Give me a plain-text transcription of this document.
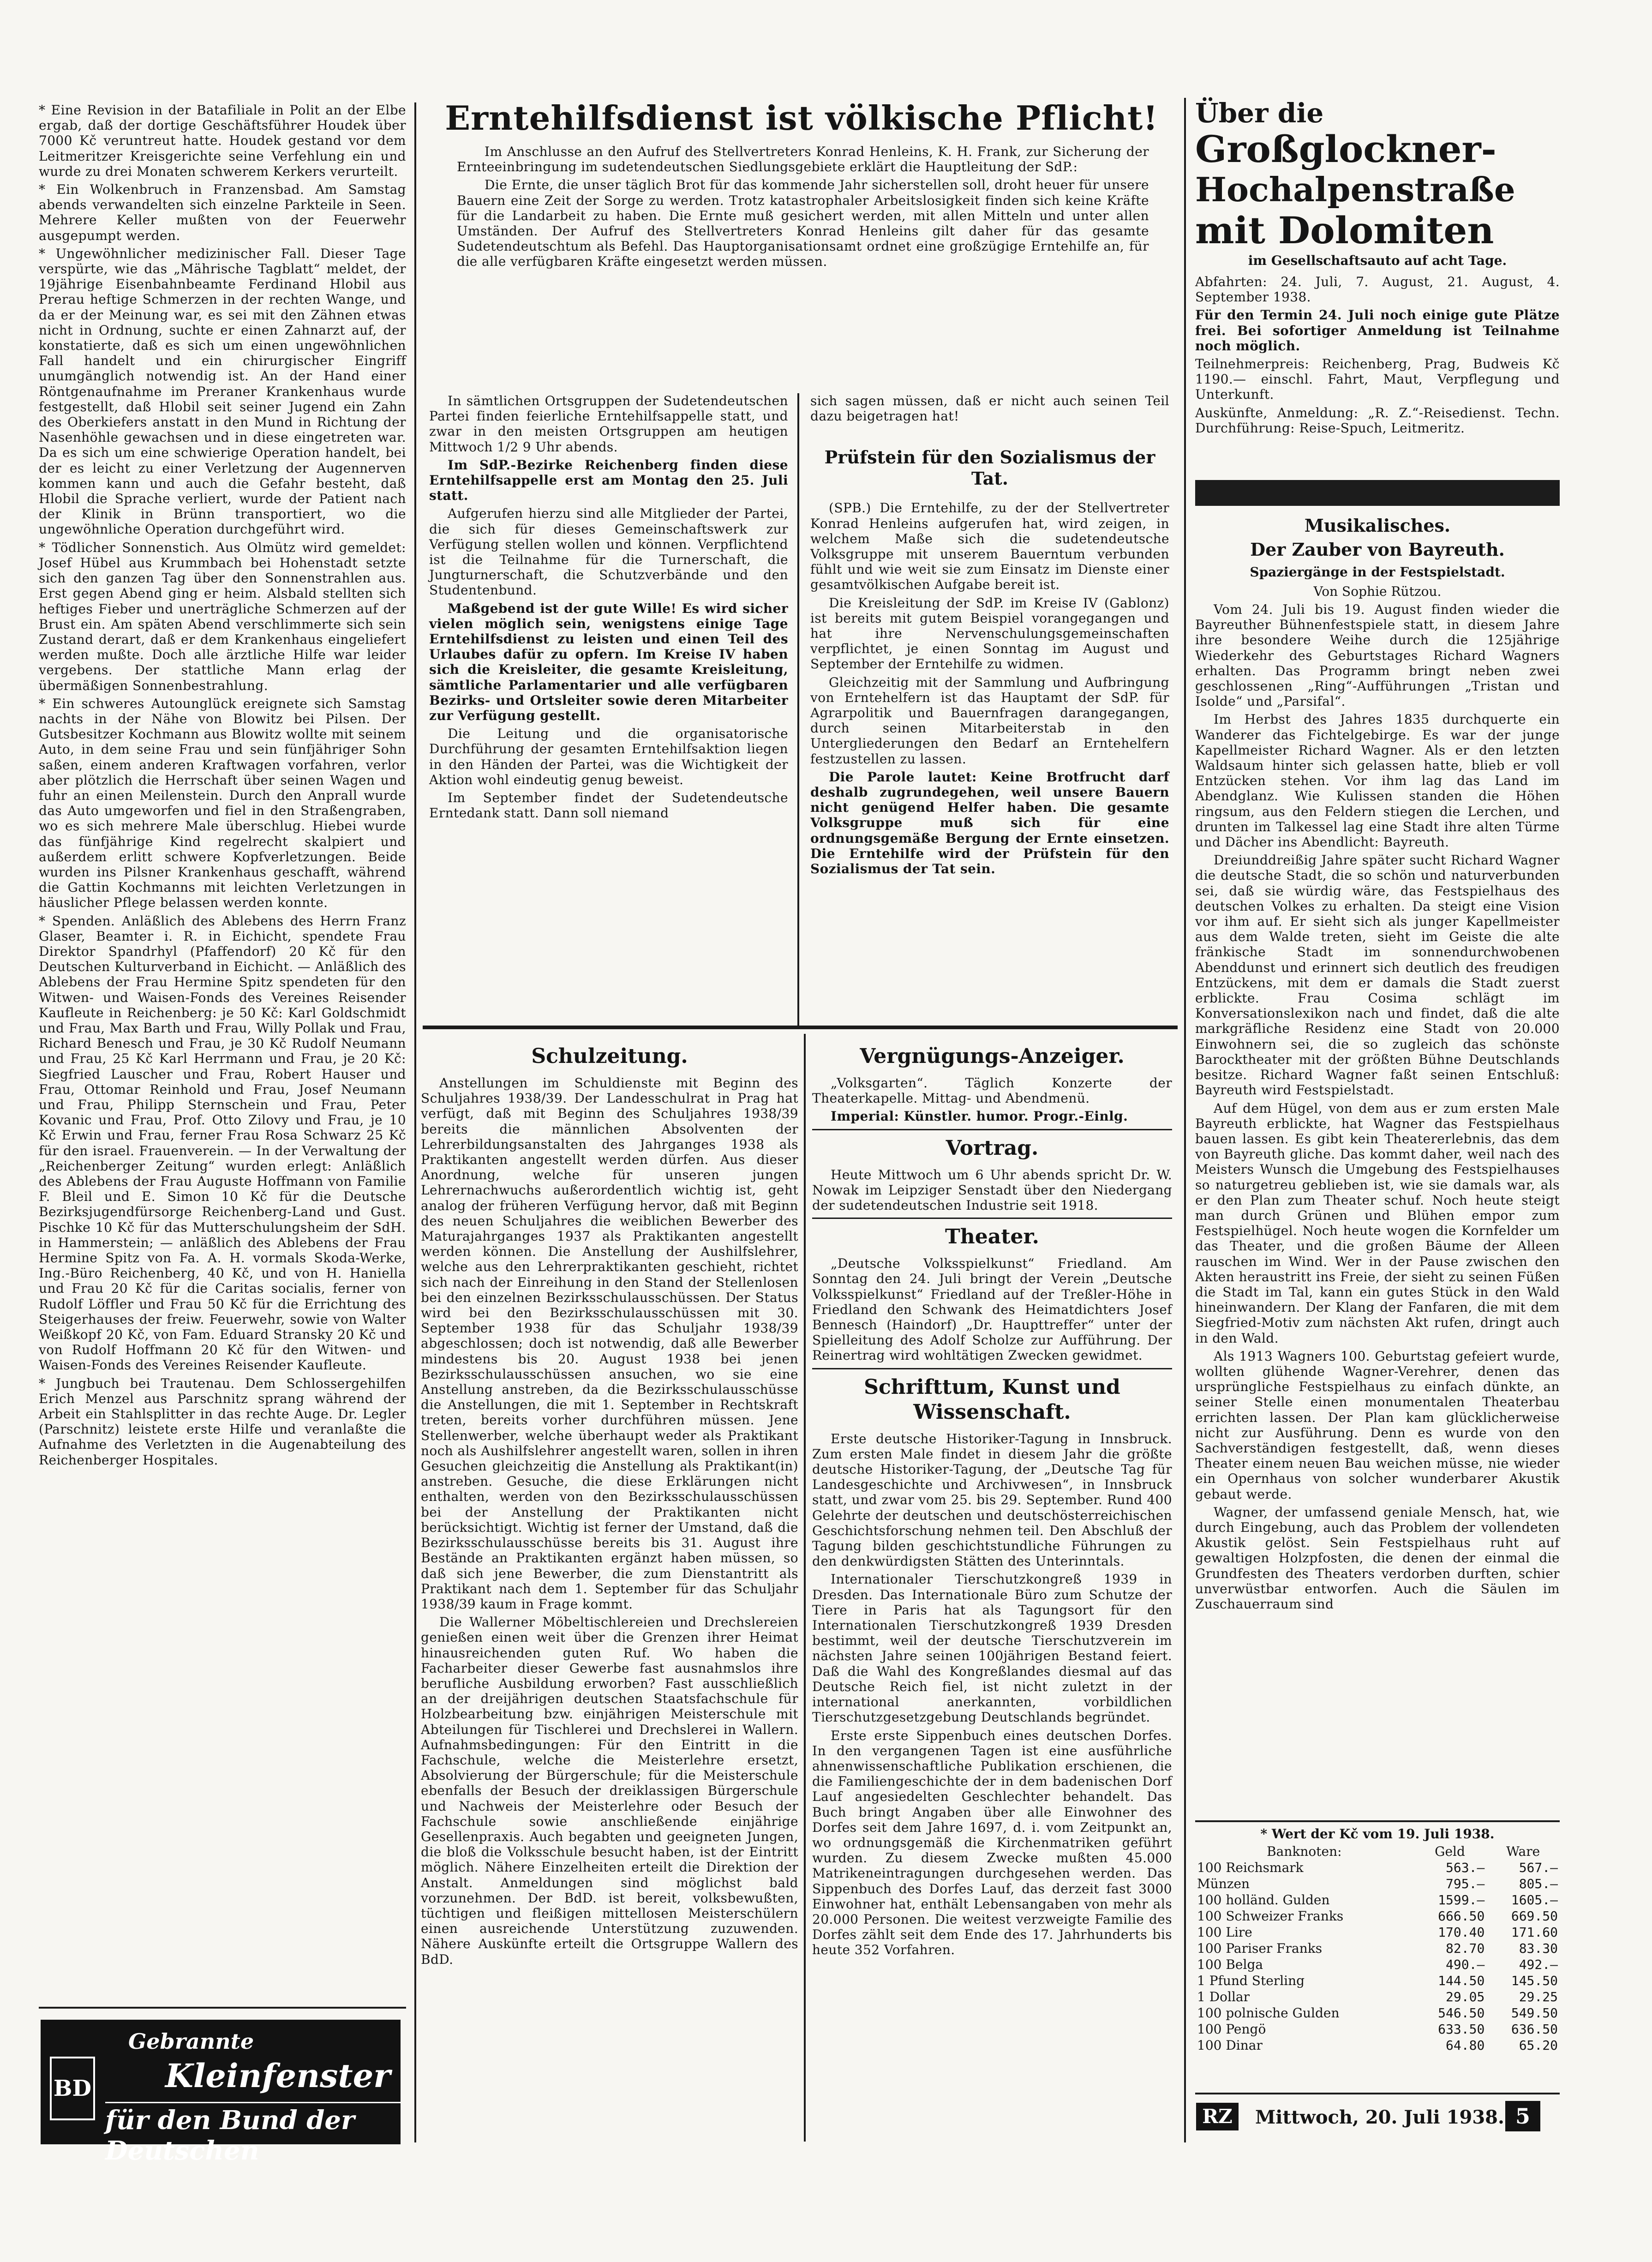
* Eine Revision in der Batafiliale in Polit an der Elbe ergab, daß der dortige Geschäftsführer Houdek über 7000 Kč veruntreut hatte. Houdek gestand vor dem Leitmeritzer Kreisgerichte seine Verfehlung ein und wurde zu drei Monaten schwerem Kerkers verurteilt.

* Ein Wolkenbruch in Franzensbad. Am Samstag abends verwandelten sich einzelne Parkteile in Seen. Mehrere Keller mußten von der Feuerwehr ausgepumpt werden.

* Ungewöhnlicher medizinischer Fall. Dieser Tage verspürte, wie das „Mährische Tagblatt“ meldet, der 19jährige Eisenbahnbeamte Ferdinand Hlobil aus Prerau heftige Schmerzen in der rechten Wange, und da er der Meinung war, es sei mit den Zähnen etwas nicht in Ordnung, suchte er einen Zahnarzt auf, der konstatierte, daß es sich um einen ungewöhnlichen Fall handelt und ein chirurgischer Eingriff unumgänglich notwendig ist. An der Hand einer Röntgenaufnahme im Preraner Krankenhaus wurde festgestellt, daß Hlobil seit seiner Jugend ein Zahn des Oberkiefers anstatt in den Mund in Richtung der Nasenhöhle gewachsen und in diese eingetreten war. Da es sich um eine schwierige Operation handelt, bei der es leicht zu einer Verletzung der Augennerven kommen kann und auch die Gefahr besteht, daß Hlobil die Sprache verliert, wurde der Patient nach der Klinik in Brünn transportiert, wo die ungewöhnliche Operation durchgeführt wird.

* Tödlicher Sonnenstich. Aus Olmütz wird gemeldet: Josef Hübel aus Krummbach bei Hohenstadt setzte sich den ganzen Tag über den Sonnenstrahlen aus. Erst gegen Abend ging er heim. Alsbald stellten sich heftiges Fieber und unerträgliche Schmerzen auf der Brust ein. Am späten Abend verschlimmerte sich sein Zustand derart, daß er dem Krankenhaus eingeliefert werden mußte. Doch alle ärztliche Hilfe war leider vergebens. Der stattliche Mann erlag der übermäßigen Sonnenbestrahlung.

* Ein schweres Autounglück ereignete sich Samstag nachts in der Nähe von Blowitz bei Pilsen. Der Gutsbesitzer Kochmann aus Blowitz wollte mit seinem Auto, in dem seine Frau und sein fünfjähriger Sohn saßen, einem anderen Kraftwagen vorfahren, verlor aber plötzlich die Herrschaft über seinen Wagen und fuhr an einen Meilenstein. Durch den Anprall wurde das Auto umgeworfen und fiel in den Straßengraben, wo es sich mehrere Male überschlug. Hiebei wurde das fünfjährige Kind regelrecht skalpiert und außerdem erlitt schwere Kopfverletzungen. Beide wurden ins Pilsner Krankenhaus geschafft, während die Gattin Kochmanns mit leichten Verletzungen in häuslicher Pflege belassen werden konnte.

* Spenden. Anläßlich des Ablebens des Herrn Franz Glaser, Beamter i. R. in Eichicht, spendete Frau Direktor Spandrhyl (Pfaffendorf) 20 Kč für den Deutschen Kulturverband in Eichicht. — Anläßlich des Ablebens der Frau Hermine Spitz spendeten für den Witwen- und Waisen-Fonds des Vereines Reisender Kaufleute in Reichenberg: je 50 Kč: Karl Goldschmidt und Frau, Max Barth und Frau, Willy Pollak und Frau, Richard Benesch und Frau, je 30 Kč Rudolf Neumann und Frau, 25 Kč Karl Herrmann und Frau, je 20 Kč: Siegfried Lauscher und Frau, Robert Hauser und Frau, Ottomar Reinhold und Frau, Josef Neumann und Frau, Philipp Sternschein und Frau, Peter Kovanic und Frau, Prof. Otto Zilovy und Frau, je 10 Kč Erwin und Frau, ferner Frau Rosa Schwarz 25 Kč für den israel. Frauenverein. — In der Verwaltung der „Reichenberger Zeitung“ wurden erlegt: Anläßlich des Ablebens der Frau Auguste Hoffmann von Familie F. Bleil und E. Simon 10 Kč für die Deutsche Bezirksjugendfürsorge Reichenberg-Land und Gust. Pischke 10 Kč für das Mutterschulungsheim der SdH. in Hammerstein; — anläßlich des Ablebens der Frau Hermine Spitz von Fa. A. H. vormals Skoda-Werke, Ing.-Büro Reichenberg, 40 Kč, und von H. Haniella und Frau 20 Kč für die Caritas socialis, ferner von Rudolf Löffler und Frau 50 Kč für die Errichtung des Steigerhauses der freiw. Feuerwehr, sowie von Walter Weißkopf 20 Kč, von Fam. Eduard Stransky 20 Kč und von Rudolf Hoffmann 20 Kč für den Witwen- und Waisen-Fonds des Vereines Reisender Kaufleute.

* Jungbuch bei Trautenau. Dem Schlossergehilfen Erich Menzel aus Parschnitz sprang während der Arbeit ein Stahlsplitter in das rechte Auge. Dr. Legler (Parschnitz) leistete erste Hilfe und veranlaßte die Aufnahme des Verletzten in die Augenabteilung des Reichenberger Hospitales.

BD
Gebrannte
Kleinfenster
für den Bund der Deutschen
Erntehilfsdienst ist völkische Pflicht!

Im Anschlusse an den Aufruf des Stellvertreters Konrad Henleins, K. H. Frank, zur Sicherung der Ernteeinbringung im sudetendeutschen Siedlungsgebiete erklärt die Hauptleitung der SdP.:

Die Ernte, die unser täglich Brot für das kommende Jahr sicherstellen soll, droht heuer für unsere Bauern eine Zeit der Sorge zu werden. Trotz katastrophaler Arbeitslosigkeit finden sich keine Kräfte für die Landarbeit zu haben. Die Ernte muß gesichert werden, mit allen Mitteln und unter allen Umständen. Der Aufruf des Stellvertreters Konrad Henleins gilt daher für das gesamte Sudetendeutschtum als Befehl. Das Hauptorganisationsamt ordnet eine großzügige Erntehilfe an, für die alle verfügbaren Kräfte eingesetzt werden müssen.

In sämtlichen Ortsgruppen der Sudetendeutschen Partei finden feierliche Erntehilfsappelle statt, und zwar in den meisten Ortsgruppen am heutigen Mittwoch 1/2 9 Uhr abends.

Im SdP.-Bezirke Reichenberg finden diese Erntehilfsappelle erst am Montag den 25. Juli statt.

Aufgerufen hierzu sind alle Mitglieder der Partei, die sich für dieses Gemeinschaftswerk zur Verfügung stellen wollen und können. Verpflichtend ist die Teilnahme für die Turnerschaft, die Jungturnerschaft, die Schutzverbände und den Studentenbund.

Maßgebend ist der gute Wille! Es wird sicher vielen möglich sein, wenigstens einige Tage Erntehilfsdienst zu leisten und einen Teil des Urlaubes dafür zu opfern. Im Kreise IV haben sich die Kreisleiter, die gesamte Kreisleitung, sämtliche Parlamentarier und alle verfügbaren Bezirks- und Ortsleiter sowie deren Mitarbeiter zur Verfügung gestellt.

Die Leitung und die organisatorische Durchführung der gesamten Erntehilfsaktion liegen in den Händen der Partei, was die Wichtigkeit der Aktion wohl eindeutig genug beweist.

Im September findet der Sudetendeutsche Erntedank statt. Dann soll niemand

sich sagen müssen, daß er nicht auch seinen Teil dazu beigetragen hat!

Prüfstein für den Sozialismus der Tat.

(SPB.) Die Erntehilfe, zu der der Stellvertreter Konrad Henleins aufgerufen hat, wird zeigen, in welchem Maße sich die sudetendeutsche Volksgruppe mit unserem Bauerntum verbunden fühlt und wie weit sie zum Einsatz im Dienste einer gesamtvölkischen Aufgabe bereit ist.

Die Kreisleitung der SdP. im Kreise IV (Gablonz) ist bereits mit gutem Beispiel vorangegangen und hat ihre Nervenschulungsgemeinschaften verpflichtet, je einen Sonntag im August und September der Erntehilfe zu widmen.

Gleichzeitig mit der Sammlung und Aufbringung von Erntehelfern ist das Hauptamt der SdP. für Agrarpolitik und Bauernfragen darangegangen, durch seinen Mitarbeiterstab in den Untergliederungen den Bedarf an Erntehelfern festzustellen zu lassen.

Die Parole lautet: Keine Brotfrucht darf deshalb zugrundegehen, weil unsere Bauern nicht genügend Helfer haben. Die gesamte Volksgruppe muß sich für eine ordnungsgemäße Bergung der Ernte einsetzen. Die Erntehilfe wird der Prüfstein für den Sozialismus der Tat sein.

Schulzeitung.

Anstellungen im Schuldienste mit Beginn des Schuljahres 1938/39. Der Landesschulrat in Prag hat verfügt, daß mit Beginn des Schuljahres 1938/39 bereits die männlichen Absolventen der Lehrerbildungsanstalten des Jahrganges 1938 als Praktikanten angestellt werden dürfen. Aus dieser Anordnung, welche für unseren jungen Lehrernachwuchs außerordentlich wichtig ist, geht analog der früheren Verfügung hervor, daß mit Beginn des neuen Schuljahres die weiblichen Bewerber des Maturajahrganges 1937 als Praktikanten angestellt werden können. Die Anstellung der Aushilfslehrer, welche aus den Lehrerpraktikanten geschieht, richtet sich nach der Einreihung in den Stand der Stellenlosen bei den einzelnen Bezirksschulausschüssen. Der Status wird bei den Bezirksschulausschüssen mit 30. September 1938 für das Schuljahr 1938/39 abgeschlossen; doch ist notwendig, daß alle Bewerber mindestens bis 20. August 1938 bei jenen Bezirksschulausschüssen ansuchen, wo sie eine Anstellung anstreben, da die Bezirksschulausschüsse die Anstellungen, die mit 1. September in Rechtskraft treten, bereits vorher durchführen müssen. Jene Stellenwerber, welche überhaupt weder als Praktikant noch als Aushilfslehrer angestellt waren, sollen in ihren Gesuchen gleichzeitig die Anstellung als Praktikant(in) anstreben. Gesuche, die diese Erklärungen nicht enthalten, werden von den Bezirksschulausschüssen bei der Anstellung der Praktikanten nicht berücksichtigt. Wichtig ist ferner der Umstand, daß die Bezirksschulausschüsse bereits bis 31. August ihre Bestände an Praktikanten ergänzt haben müssen, so daß sich jene Bewerber, die zum Dienstantritt als Praktikant nach dem 1. September für das Schuljahr 1938/39 kaum in Frage kommt.

Die Wallerner Möbeltischlereien und Drechslereien genießen einen weit über die Grenzen ihrer Heimat hinausreichenden guten Ruf. Wo haben die Facharbeiter dieser Gewerbe fast ausnahmslos ihre berufliche Ausbildung erworben? Fast ausschließlich an der dreijährigen deutschen Staatsfachschule für Holzbearbeitung bzw. einjährigen Meisterschule mit Abteilungen für Tischlerei und Drechslerei in Wallern. Aufnahmsbedingungen: Für den Eintritt in die Fachschule, welche die Meisterlehre ersetzt, Absolvierung der Bürgerschule; für die Meisterschule ebenfalls der Besuch der dreiklassigen Bürgerschule und Nachweis der Meisterlehre oder Besuch der Fachschule sowie anschließende einjährige Gesellenpraxis. Auch begabten und geeigneten Jungen, die bloß die Volksschule besucht haben, ist der Eintritt möglich. Nähere Einzelheiten erteilt die Direktion der Anstalt. Anmeldungen sind möglichst bald vorzunehmen. Der BdD. ist bereit, volksbewußten, tüchtigen und fleißigen mittellosen Meisterschülern einen ausreichende Unterstützung zuzuwenden. Nähere Auskünfte erteilt die Ortsgruppe Wallern des BdD.

Vergnügungs-Anzeiger.

„Volksgarten“. Täglich Konzerte der Theaterkapelle. Mittag- und Abendmenü.

Imperial: Künstler. humor. Progr.-Einlg.

Vortrag.

Heute Mittwoch um 6 Uhr abends spricht Dr. W. Nowak im Leipziger Senstadt über den Niedergang der sudetendeutschen Industrie seit 1918.

Theater.

„Deutsche Volksspielkunst“ Friedland. Am Sonntag den 24. Juli bringt der Verein „Deutsche Volksspielkunst“ Friedland auf der Treßler-Höhe in Friedland den Schwank des Heimatdichters Josef Bennesch (Haindorf) „Dr. Haupttreffer“ unter der Spielleitung des Adolf Scholze zur Aufführung. Der Reinertrag wird wohltätigen Zwecken gewidmet.

Schrifttum, Kunst und Wissenschaft.

Erste deutsche Historiker-Tagung in Innsbruck. Zum ersten Male findet in diesem Jahr die größte deutsche Historiker-Tagung, der „Deutsche Tag für Landesgeschichte und Archivwesen“, in Innsbruck statt, und zwar vom 25. bis 29. September. Rund 400 Gelehrte der deutschen und deutschösterreichischen Geschichtsforschung nehmen teil. Den Abschluß der Tagung bilden geschichtstundliche Führungen zu den denkwürdigsten Stätten des Unterinntals.

Internationaler Tierschutzkongreß 1939 in Dresden. Das Internationale Büro zum Schutze der Tiere in Paris hat als Tagungsort für den Internationalen Tierschutzkongreß 1939 Dresden bestimmt, weil der deutsche Tierschutzverein im nächsten Jahre seinen 100jährigen Bestand feiert. Daß die Wahl des Kongreßlandes diesmal auf das Deutsche Reich fiel, ist nicht zuletzt in der international anerkannten, vorbildlichen Tierschutzgesetzgebung Deutschlands begründet.

Erste erste Sippenbuch eines deutschen Dorfes. In den vergangenen Tagen ist eine ausführliche ahnenwissenschaftliche Publikation erschienen, die die Familiengeschichte der in dem badenischen Dorf Lauf angesiedelten Geschlechter behandelt. Das Buch bringt Angaben über alle Einwohner des Dorfes seit dem Jahre 1697, d. i. vom Zeitpunkt an, wo ordnungsgemäß die Kirchenmatriken geführt wurden. Zu diesem Zwecke mußten 45.000 Matrikeneintragungen durchgesehen werden. Das Sippenbuch des Dorfes Lauf, das derzeit fast 3000 Einwohner hat, enthält Lebensangaben von mehr als 20.000 Personen. Die weitest verzweigte Familie des Dorfes zählt seit dem Ende des 17. Jahrhunderts bis heute 352 Vorfahren.

Über die
Großglockner-
Hochalpenstraße
mit Dolomiten
im Gesellschaftsauto auf acht Tage.

Abfahrten: 24. Juli, 7. August, 21. August, 4. September 1938.

Für den Termin 24. Juli noch einige gute Plätze frei. Bei sofortiger Anmeldung ist Teilnahme noch möglich.

Teilnehmerpreis: Reichenberg, Prag, Budweis Kč 1190.— einschl. Fahrt, Maut, Verpflegung und Unterkunft.

Auskünfte, Anmeldung: „R. Z.“-Reisedienst. Techn. Durchführung: Reise-Spuch, Leitmeritz.

Musikalisches.
Der Zauber von Bayreuth.
Spaziergänge in der Festspielstadt.
Von Sophie Rützou.

Vom 24. Juli bis 19. August finden wieder die Bayreuther Bühnenfestspiele statt, in diesem Jahre ihre besondere Weihe durch die 125jährige Wiederkehr des Geburtstages Richard Wagners erhalten. Das Programm bringt neben zwei geschlossenen „Ring“-Aufführungen „Tristan und Isolde“ und „Parsifal“.

Im Herbst des Jahres 1835 durchquerte ein Wanderer das Fichtelgebirge. Es war der junge Kapellmeister Richard Wagner. Als er den letzten Waldsaum hinter sich gelassen hatte, blieb er voll Entzücken stehen. Vor ihm lag das Land im Abendglanz. Wie Kulissen standen die Höhen ringsum, aus den Feldern stiegen die Lerchen, und drunten im Talkessel lag eine Stadt ihre alten Türme und Dächer ins Abendlicht: Bayreuth.

Dreiunddreißig Jahre später sucht Richard Wagner die deutsche Stadt, die so schön und naturverbunden sei, daß sie würdig wäre, das Festspielhaus des deutschen Volkes zu erhalten. Da steigt eine Vision vor ihm auf. Er sieht sich als junger Kapellmeister aus dem Walde treten, sieht im Geiste die alte fränkische Stadt im sonnendurchwobenen Abenddunst und erinnert sich deutlich des freudigen Entzückens, mit dem er damals die Stadt zuerst erblickte. Frau Cosima schlägt im Konversationslexikon nach und findet, daß die alte markgräfliche Residenz eine Stadt von 20.000 Einwohnern sei, die so zugleich das schönste Barocktheater mit der größten Bühne Deutschlands besitze. Richard Wagner faßt seinen Entschluß: Bayreuth wird Festspielstadt.

Auf dem Hügel, von dem aus er zum ersten Male Bayreuth erblickte, hat Wagner das Festspielhaus bauen lassen. Es gibt kein Theatererlebnis, das dem von Bayreuth gliche. Das kommt daher, weil nach des Meisters Wunsch die Umgebung des Festspielhauses so naturgetreu geblieben ist, wie sie damals war, als er den Plan zum Theater schuf. Noch heute steigt man durch Grünen und Blühen empor zum Festspielhügel. Noch heute wogen die Kornfelder um das Theater, und die großen Bäume der Alleen rauschen im Wind. Wer in der Pause zwischen den Akten heraustritt ins Freie, der sieht zu seinen Füßen die Stadt im Tal, kann ein gutes Stück in den Wald hineinwandern. Der Klang der Fanfaren, die mit dem Siegfried-Motiv zum nächsten Akt rufen, dringt auch in den Wald.

Als 1913 Wagners 100. Geburtstag gefeiert wurde, wollten glühende Wagner-Verehrer, denen das ursprüngliche Festspielhaus zu einfach dünkte, an seiner Stelle einen monumentalen Theaterbau errichten lassen. Der Plan kam glücklicherweise nicht zur Ausführung. Denn es wurde von den Sachverständigen festgestellt, daß, wenn dieses Theater einem neuen Bau weichen müsse, nie wieder ein Opernhaus von solcher wunderbarer Akustik gebaut werde.

Wagner, der umfassend geniale Mensch, hat, wie durch Eingebung, auch das Problem der vollendeten Akustik gelöst. Sein Festspielhaus ruht auf gewaltigen Holzpfosten, die denen der einmal die Grundfesten des Theaters verdorben durften, schier unverwüstbar entworfen. Auch die Säulen im Zuschauerraum sind

* Wert der Kč vom 19. Juli 1938.
Banknoten:	Geld	Ware
100 Reichsmark	563.—	567.—
Münzen	795.—	805.—
100 holländ. Gulden	1599.—	1605.—
100 Schweizer Franks	666.50	669.50
100 Lire	170.40	171.60
100 Pariser Franks	82.70	83.30
100 Belga	490.—	492.—
1 Pfund Sterling	144.50	145.50
1 Dollar	29.05	29.25
100 polnische Gulden	546.50	549.50
100 Pengö	633.50	636.50
100 Dinar	64.80	65.20
RZ	Mittwoch, 20. Juli 1938. 5
